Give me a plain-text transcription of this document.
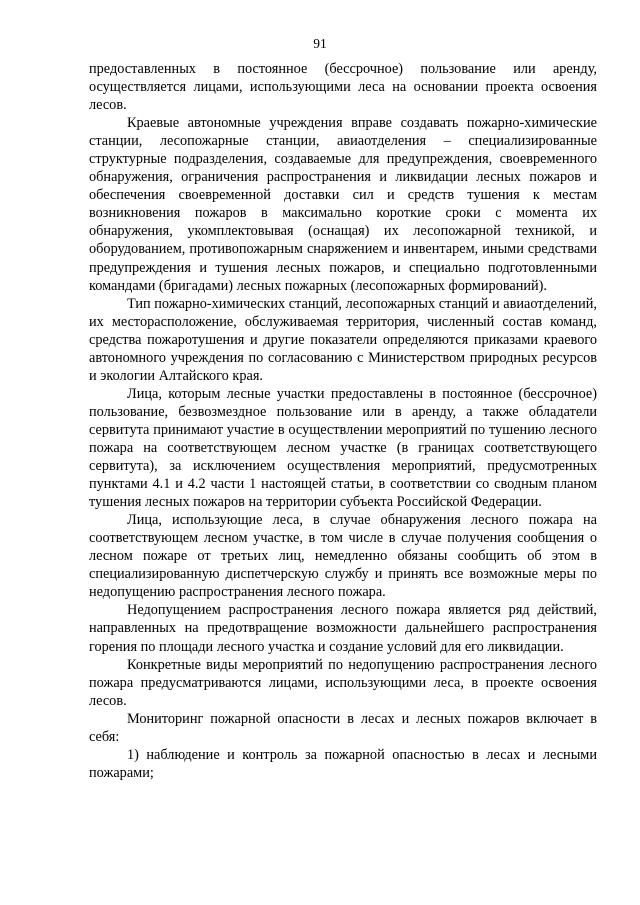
91

предоставленных в постоянное (бессрочное) пользование или аренду, осуществляется лицами, использующими леса на основании проекта освоения лесов.

Краевые автономные учреждения вправе создавать пожарно-химические станции, лесопожарные станции, авиаотделения – специализированные структурные подразделения, создаваемые для предупреждения, своевременного обнаружения, ограничения распространения и ликвидации лесных пожаров и обеспечения своевременной доставки сил и средств тушения к местам возникновения пожаров в максимально короткие сроки с момента их обнаружения, укомплектовывая (оснащая) их лесопожарной техникой, и оборудованием, противопожарным снаряжением и инвентарем, иными средствами предупреждения и тушения лесных пожаров, и специально подготовленными командами (бригадами) лесных пожарных (лесопожарных формирований).

Тип пожарно-химических станций, лесопожарных станций и авиаотделений, их месторасположение, обслуживаемая территория, численный состав команд, средства пожаротушения и другие показатели определяются приказами краевого автономного учреждения по согласованию с Министерством природных ресурсов и экологии Алтайского края.

Лица, которым лесные участки предоставлены в постоянное (бессрочное) пользование, безвозмездное пользование или в аренду, а также обладатели сервитута принимают участие в осуществлении мероприятий по тушению лесного пожара на соответствующем лесном участке (в границах соответствующего сервитута), за исключением осуществления мероприятий, предусмотренных пунктами 4.1 и 4.2 части 1 настоящей статьи, в соответствии со сводным планом тушения лесных пожаров на территории субъекта Российской Федерации.

Лица, использующие леса, в случае обнаружения лесного пожара на соответствующем лесном участке, в том числе в случае получения сообщения о лесном пожаре от третьих лиц, немедленно обязаны сообщить об этом в специализированную диспетчерскую службу и принять все возможные меры по недопущению распространения лесного пожара.

Недопущением распространения лесного пожара является ряд действий, направленных на предотвращение возможности дальнейшего распространения горения по площади лесного участка и создание условий для его ликвидации.

Конкретные виды мероприятий по недопущению распространения лесного пожара предусматриваются лицами, использующими леса, в проекте освоения лесов.

Мониторинг пожарной опасности в лесах и лесных пожаров включает в себя:

1) наблюдение и контроль за пожарной опасностью в лесах и лесными пожарами;
